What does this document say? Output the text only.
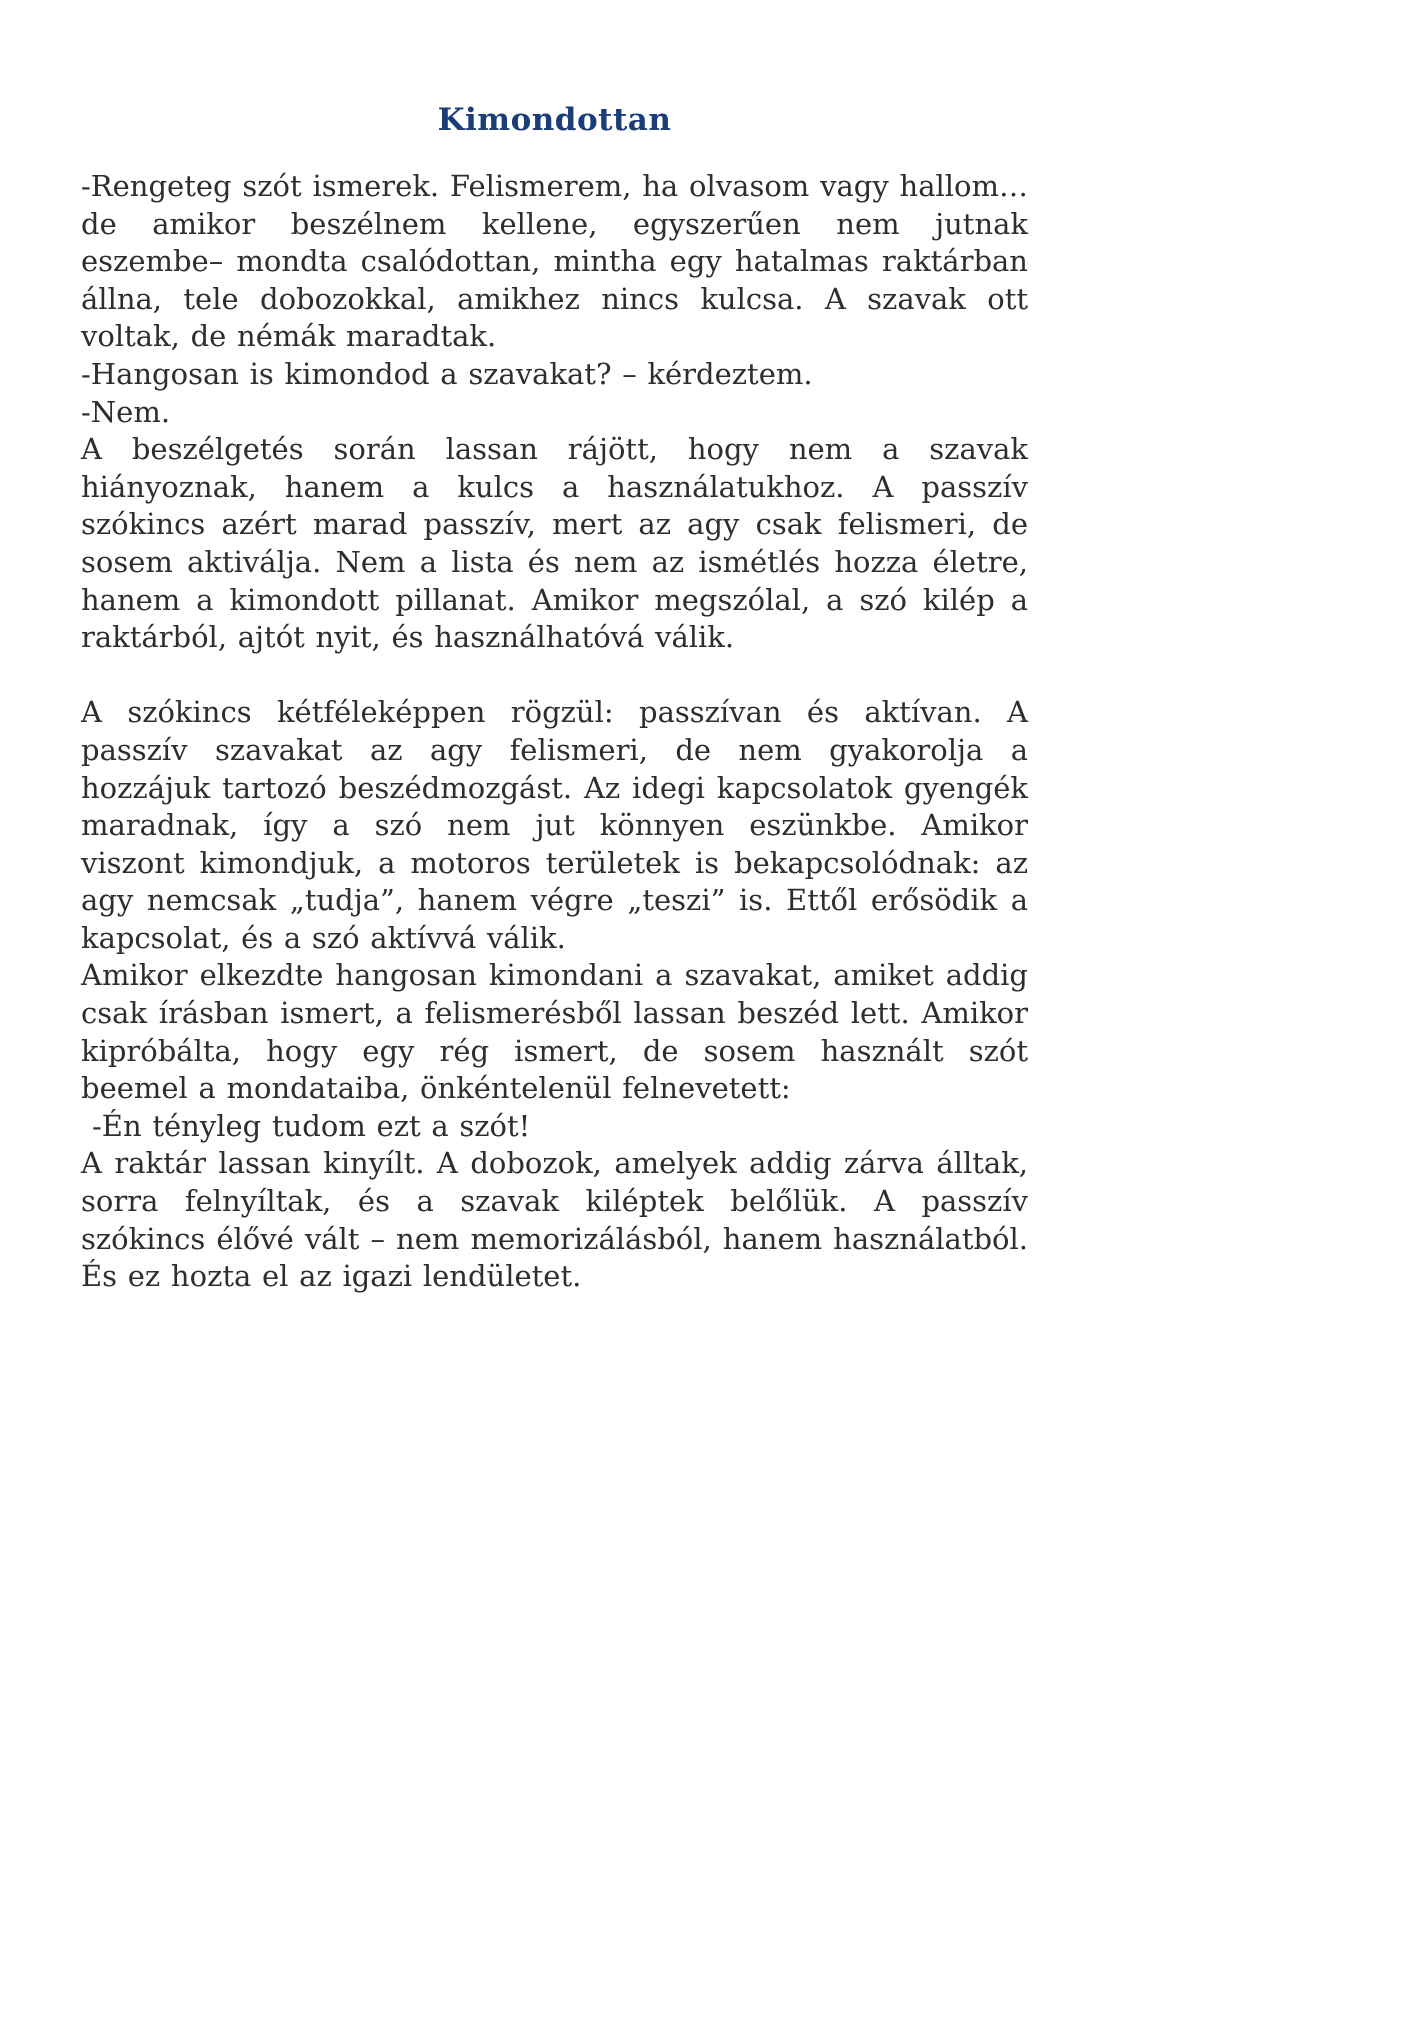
Kimondottan

-Rengeteg szót ismerek. Felismerem, ha olvasom vagy hallom… de amikor beszélnem kellene, egyszerűen nem jutnak eszembe– mondta csalódottan, mintha egy hatalmas raktárban állna, tele dobozokkal, amikhez nincs kulcsa. A szavak ott voltak, de némák maradtak.

-Hangosan is kimondod a szavakat? – kérdeztem.

-Nem.

A beszélgetés során lassan rájött, hogy nem a szavak hiányoznak, hanem a kulcs a használatukhoz. A passzív szókincs azért marad passzív, mert az agy csak felismeri, de sosem aktiválja. Nem a lista és nem az ismétlés hozza életre, hanem a kimondott pillanat. Amikor megszólal, a szó kilép a raktárból, ajtót nyit, és használhatóvá válik.

A szókincs kétféleképpen rögzül: passzívan és aktívan. A passzív szavakat az agy felismeri, de nem gyakorolja a hozzájuk tartozó beszédmozgást. Az idegi kapcsolatok gyengék maradnak, így a szó nem jut könnyen eszünkbe. Amikor viszont kimondjuk, a motoros területek is bekapcsolódnak: az agy nemcsak „tudja”, hanem végre „teszi” is. Ettől erősödik a kapcsolat, és a szó aktívvá válik.

Amikor elkezdte hangosan kimondani a szavakat, amiket addig csak írásban ismert, a felismerésből lassan beszéd lett. Amikor kipróbálta, hogy egy rég ismert, de sosem használt szót beemel a mondataiba, önkéntelenül felnevetett:

-Én tényleg tudom ezt a szót!

A raktár lassan kinyílt. A dobozok, amelyek addig zárva álltak, sorra felnyíltak, és a szavak kiléptek belőlük. A passzív szókincs élővé vált – nem memorizálásból, hanem használatból. És ez hozta el az igazi lendületet.
